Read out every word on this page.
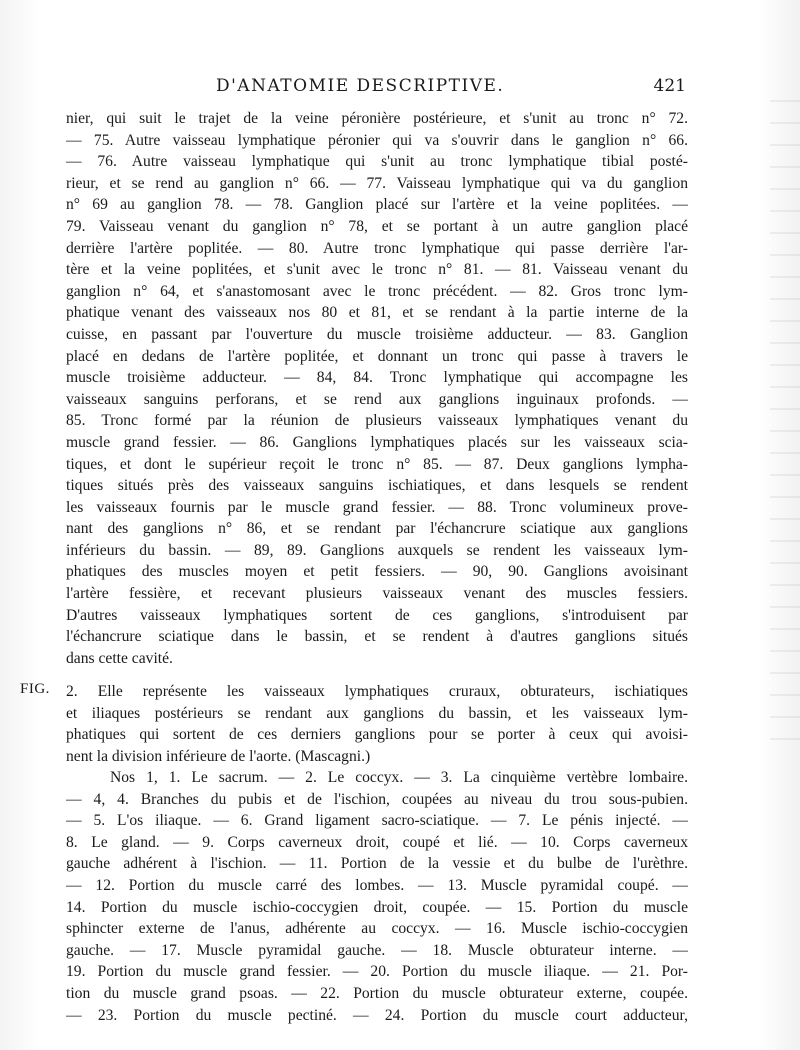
D'ANATOMIE DESCRIPTIVE.	421
nier, qui suit le trajet de la veine péronière postérieure, et s'unit au tronc n° 72.
— 75. Autre vaisseau lymphatique péronier qui va s'ouvrir dans le ganglion n° 66.
— 76. Autre vaisseau lymphatique qui s'unit au tronc lymphatique tibial posté-
rieur, et se rend au ganglion n° 66. — 77. Vaisseau lymphatique qui va du ganglion
n° 69 au ganglion 78. — 78. Ganglion placé sur l'artère et la veine poplitées. —
79. Vaisseau venant du ganglion n° 78, et se portant à un autre ganglion placé
derrière l'artère poplitée. — 80. Autre tronc lymphatique qui passe derrière l'ar-
tère et la veine poplitées, et s'unit avec le tronc n° 81. — 81. Vaisseau venant du
ganglion n° 64, et s'anastomosant avec le tronc précédent. — 82. Gros tronc lym-
phatique venant des vaisseaux nos 80 et 81, et se rendant à la partie interne de la
cuisse, en passant par l'ouverture du muscle troisième adducteur. — 83. Ganglion
placé en dedans de l'artère poplitée, et donnant un tronc qui passe à travers le
muscle troisième adducteur. — 84, 84. Tronc lymphatique qui accompagne les
vaisseaux sanguins perforans, et se rend aux ganglions inguinaux profonds. —
85. Tronc formé par la réunion de plusieurs vaisseaux lymphatiques venant du
muscle grand fessier. — 86. Ganglions lymphatiques placés sur les vaisseaux scia-
tiques, et dont le supérieur reçoit le tronc n° 85. — 87. Deux ganglions lympha-
tiques situés près des vaisseaux sanguins ischiatiques, et dans lesquels se rendent
les vaisseaux fournis par le muscle grand fessier. — 88. Tronc volumineux prove-
nant des ganglions n° 86, et se rendant par l'échancrure sciatique aux ganglions
inférieurs du bassin. — 89, 89. Ganglions auxquels se rendent les vaisseaux lym-
phatiques des muscles moyen et petit fessiers. — 90, 90. Ganglions avoisinant
l'artère fessière, et recevant plusieurs vaisseaux venant des muscles fessiers.
D'autres vaisseaux lymphatiques sortent de ces ganglions, s'introduisent par
l'échancrure sciatique dans le bassin, et se rendent à d'autres ganglions situés
dans cette cavité.
FIG. 2. Elle représente les vaisseaux lymphatiques cruraux, obturateurs, ischiatiques
et iliaques postérieurs se rendant aux ganglions du bassin, et les vaisseaux lym-
phatiques qui sortent de ces derniers ganglions pour se porter à ceux qui avoisi-
nent la division inférieure de l'aorte. (Mascagni.)
Nos 1, 1. Le sacrum. — 2. Le coccyx. — 3. La cinquième vertèbre lombaire.
— 4, 4. Branches du pubis et de l'ischion, coupées au niveau du trou sous-pubien.
— 5. L'os iliaque. — 6. Grand ligament sacro-sciatique. — 7. Le pénis injecté. —
8. Le gland. — 9. Corps caverneux droit, coupé et lié. — 10. Corps caverneux
gauche adhérent à l'ischion. — 11. Portion de la vessie et du bulbe de l'urèthre.
— 12. Portion du muscle carré des lombes. — 13. Muscle pyramidal coupé. —
14. Portion du muscle ischio-coccygien droit, coupée. — 15. Portion du muscle
sphincter externe de l'anus, adhérente au coccyx. — 16. Muscle ischio-coccygien
gauche. — 17. Muscle pyramidal gauche. — 18. Muscle obturateur interne. —
19. Portion du muscle grand fessier. — 20. Portion du muscle iliaque. — 21. Por-
tion du muscle grand psoas. — 22. Portion du muscle obturateur externe, coupée.
— 23. Portion du muscle pectiné. — 24. Portion du muscle court adducteur,
